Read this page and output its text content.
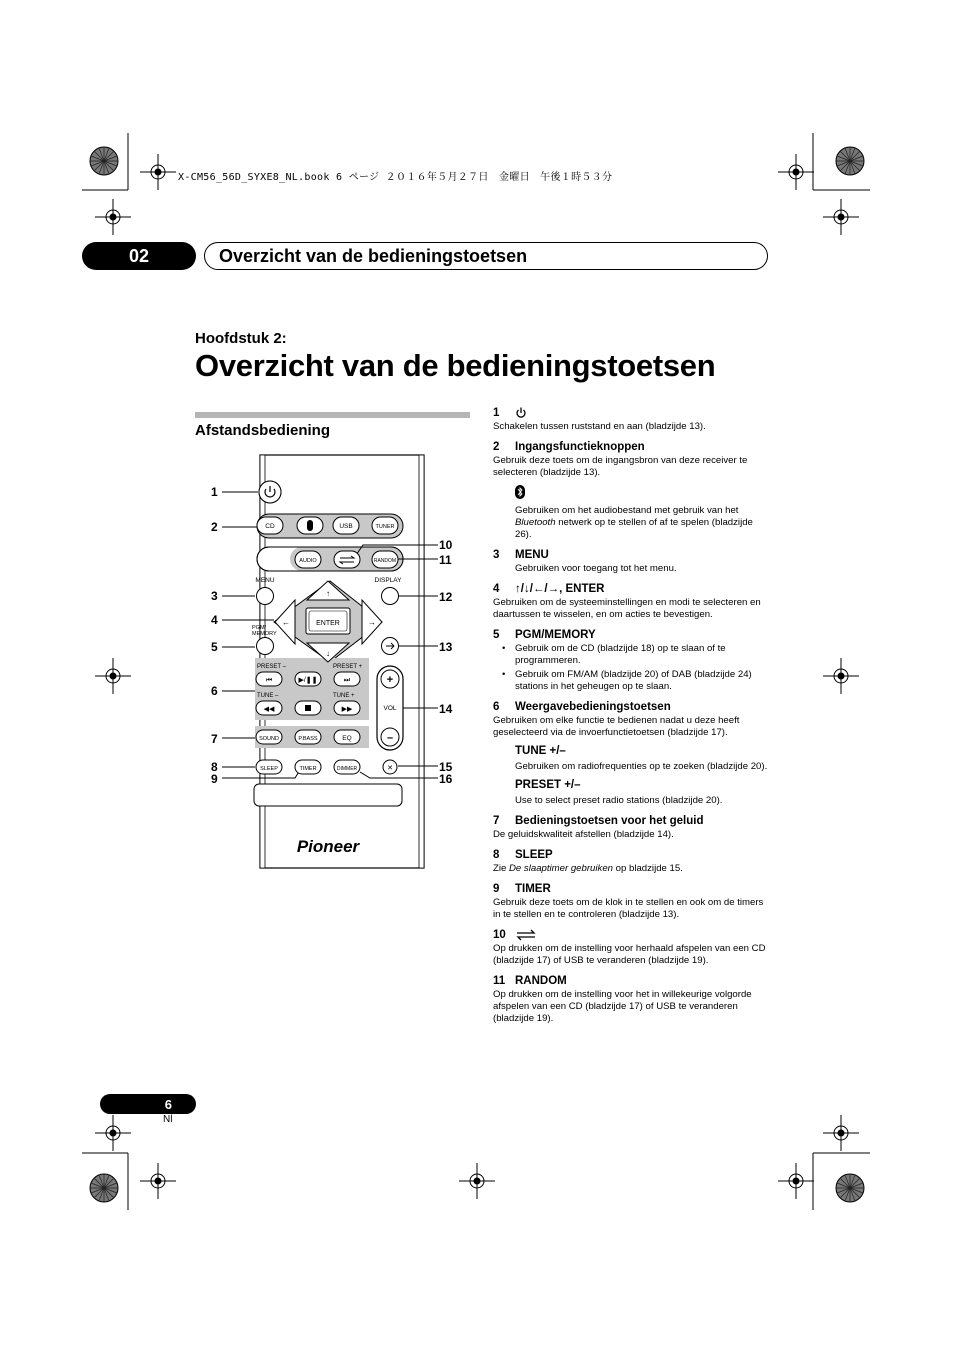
X-CM56_56D_SYXE8_NL.book 6 ページ ２０１６年５月２７日　金曜日　午後１時５３分
02	Overzicht van de bedieningstoetsen
Hoofdstuk 2:
Overzicht van de bedieningstoetsen
Afstandsbediening
1
2
3
4
5
6
7
8
9
10
11
12
13
14
15
16
CD	USB	TUNER
AUDIO	RANDOM
MENU	DISPLAY
↑
↓
←	→
ENTER
PGM/
MEMORY
PRESET –	PRESET +
⏮	▶/❚❚	⏭
TUNE –	TUNE +
◀◀	▶▶
+
VOL
–
SOUND	P.BASS	EQ
SLEEP	TIMER	DIMMER	✕
Pioneer
1
Schakelen tussen ruststand en aan (bladzijde 13).
2	Ingangsfunctieknoppen
Gebruik deze toets om de ingangsbron van deze receiver te selecteren (bladzijde 13).
Gebruiken om het audiobestand met gebruik van het Bluetooth netwerk op te stellen of af te spelen (bladzijde 26).
3	MENU
Gebruiken voor toegang tot het menu.
4	↑/↓/←/→, ENTER
Gebruiken om de systeeminstellingen en modi te selecteren en daartussen te wisselen, en om acties te bevestigen.
5	PGM/MEMORY
• Gebruik om de CD (bladzijde 18) op te slaan of te programmeren.
• Gebruik om FM/AM (bladzijde 20) of DAB (bladzijde 24) stations in het geheugen op te slaan.
6	Weergavebedieningstoetsen
Gebruiken om elke functie te bedienen nadat u deze heeft geselecteerd via de invoerfunctietoetsen (bladzijde 17).
TUNE +/–
Gebruiken om radiofrequenties op te zoeken (bladzijde 20).
PRESET +/–
Use to select preset radio stations (bladzijde 20).
7	Bedieningstoetsen voor het geluid
De geluidskwaliteit afstellen (bladzijde 14).
8	SLEEP
Zie De slaaptimer gebruiken op bladzijde 15.
9	TIMER
Gebruik deze toets om de klok in te stellen en ook om de timers in te stellen en te controleren (bladzijde 13).
10
Op drukken om de instelling voor herhaald afspelen van een CD (bladzijde 17) of USB te veranderen (bladzijde 19).
11 RANDOM
Op drukken om de instelling voor het in willekeurige volgorde afspelen van een CD (bladzijde 17) of USB te veranderen (bladzijde 19).
6
Nl
